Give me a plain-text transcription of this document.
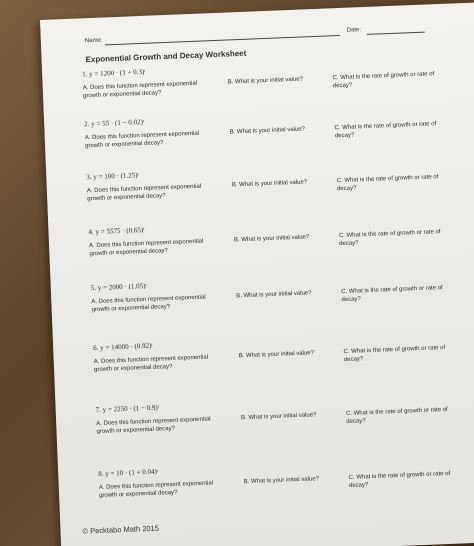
Name:
Date:
Exponential Growth and Decay Worksheet
1. y = 1200 · (1 + 0.3)ᵗ
A. Does this function represent exponential growth or exponential decay?
B. What is your initial value?	C. What is the rate of growth or rate of decay?
2. y = 55 · (1 − 0.02)ᵗ
A. Does this function represent exponential growth or exponential decay?
B. What is your initial value?	C. What is the rate of growth or rate of decay?
3. y = 100 · (1.25)ᵗ
A. Does this function represent exponential growth or exponential decay?
B. What is your initial value?	C. What is the rate of growth or rate of decay?
4. y = 5575 · (0.65)ᵗ
A. Does this function represent exponential growth or exponential decay?
B. What is your initial value?	C. What is the rate of growth or rate of decay?
5. y = 2000 · (1.05)ᵗ
A. Does this function represent exponential growth or exponential decay?
B. What is your initial value?	C. What is the rate of growth or rate of decay?
6. y = 14000 · (0.92)ᵗ
A. Does this function represent exponential growth or exponential decay?
B. What is your initial value?	C. What is the rate of growth or rate of decay?
7. y = 2250 · (1 − 0.9)ᵗ
A. Does this function represent exponential growth or exponential decay?
B. What is your initial value?	C. What is the rate of growth or rate of decay?
8. y = 10 · (1 + 0.04)ᵗ
A. Does this function represent exponential growth or exponential decay?
B. What is your initial value?	C. What is the rate of growth or rate of decay?
© Pecktabo Math 2015
